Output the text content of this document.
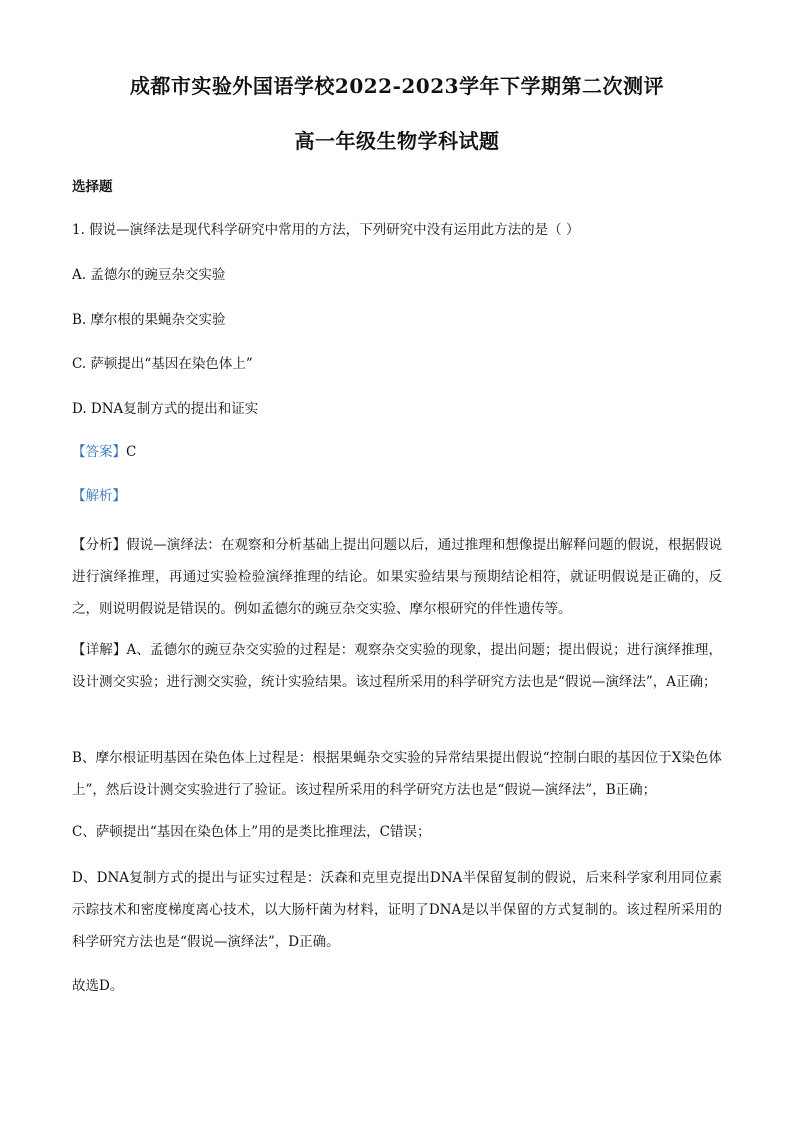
成都市实验外国语学校2022-2023学年下学期第二次测评
高一年级生物学科试题
选择题
1. 假说—演绎法是现代科学研究中常用的方法，下列研究中没有运用此方法的是（ ）
A. 孟德尔的豌豆杂交实验
B. 摩尔根的果蝇杂交实验
C. 萨顿提出“基因在染色体上”
D. DNA复制方式的提出和证实
【答案】C
【解析】
【分析】假说—演绎法：在观察和分析基础上提出问题以后，通过推理和想像提出解释问题的假说，根据假说进行演绎推理，再通过实验检验演绎推理的结论。如果实验结果与预期结论相符，就证明假说是正确的，反之，则说明假说是错误的。例如孟德尔的豌豆杂交实验、摩尔根研究的伴性遗传等。
【详解】A、孟德尔的豌豆杂交实验的过程是：观察杂交实验的现象，提出问题；提出假说；进行演绎推理，设计测交实验；进行测交实验，统计实验结果。该过程所采用的科学研究方法也是“假说—演绎法”，A正确；
B、摩尔根证明基因在染色体上过程是：根据果蝇杂交实验的异常结果提出假说“控制白眼的基因位于X染色体上”，然后设计测交实验进行了验证。该过程所采用的科学研究方法也是“假说—演绎法”，B正确；
C、萨顿提出“基因在染色体上”用的是类比推理法，C错误；
D、DNA复制方式的提出与证实过程是：沃森和克里克提出DNA半保留复制的假说，后来科学家利用同位素示踪技术和密度梯度离心技术，以大肠杆菌为材料，证明了DNA是以半保留的方式复制的。该过程所采用的科学研究方法也是“假说—演绎法”，D正确。
故选D。
